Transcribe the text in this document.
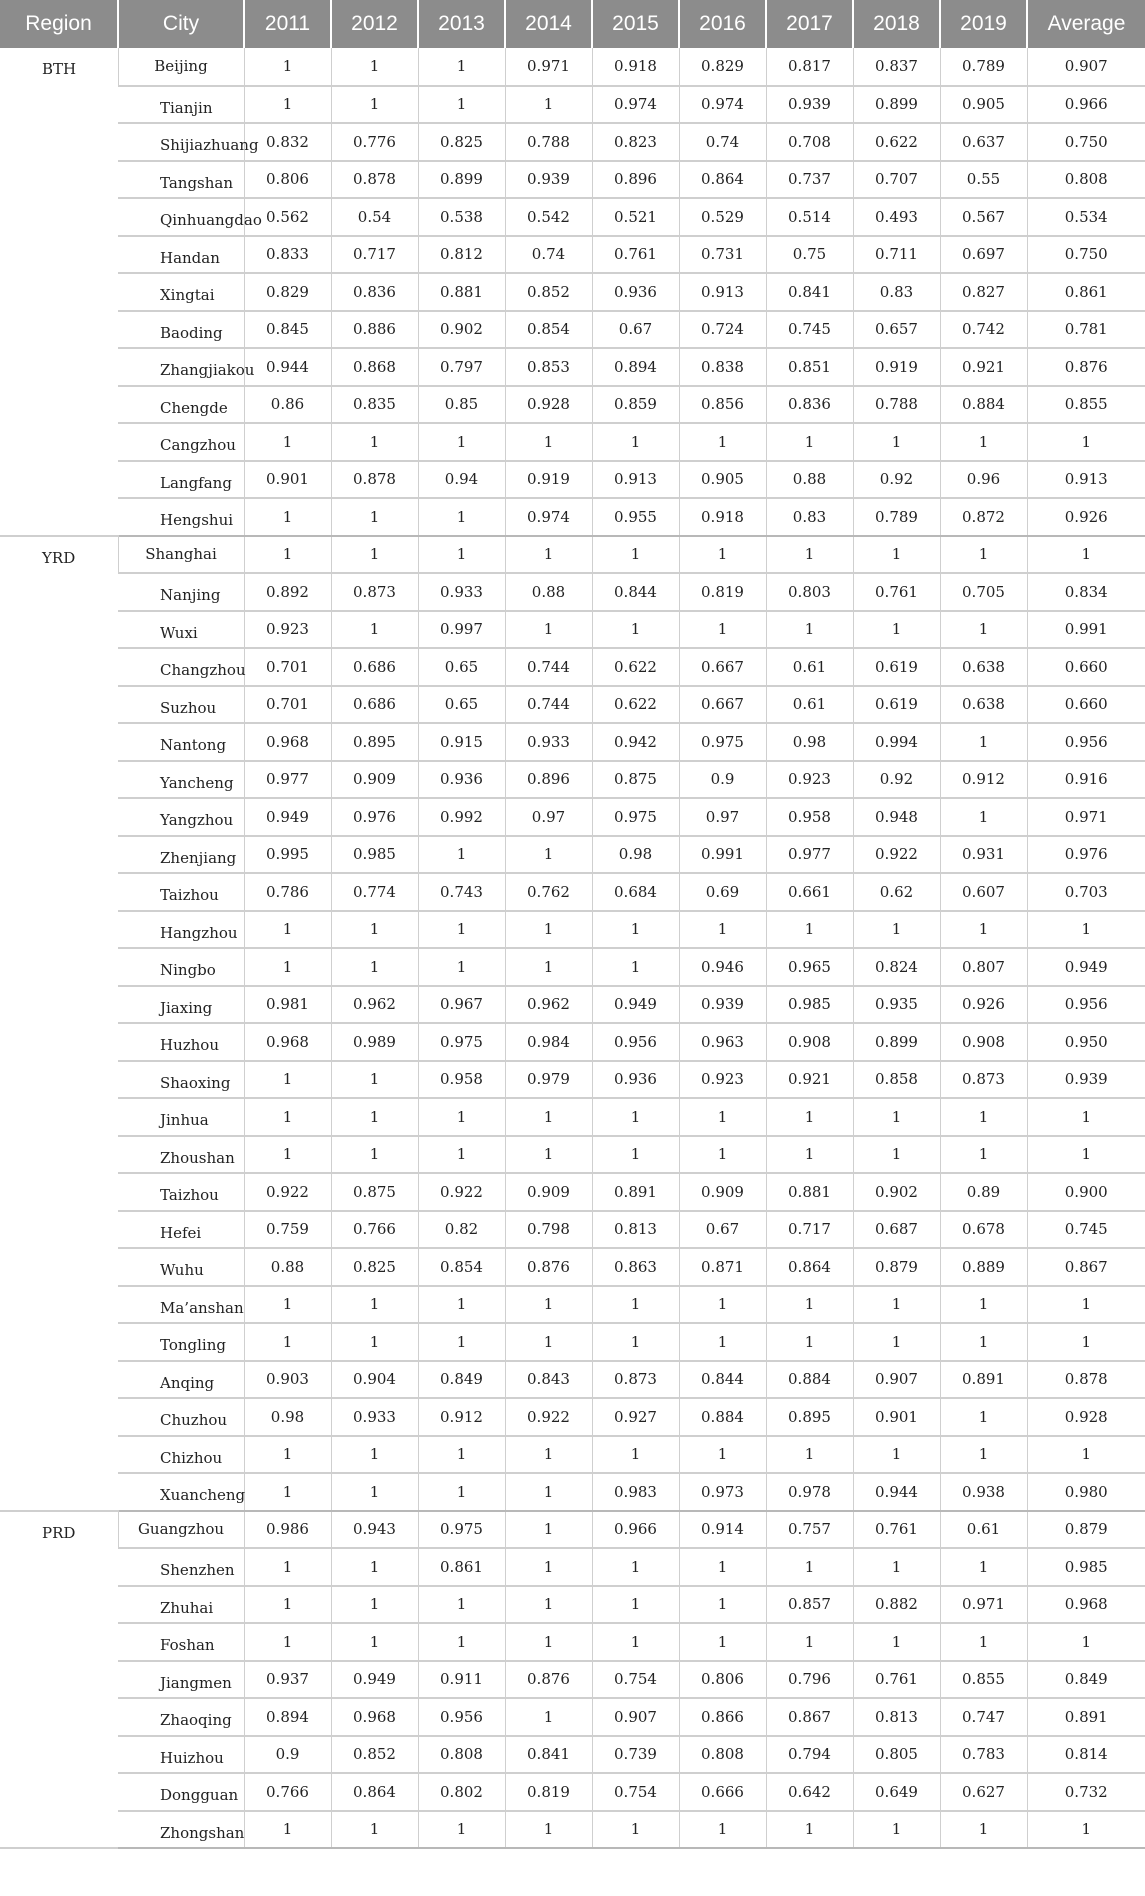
Region	City	2011	2012	2013	2014	2015	2016	2017	2018	2019	Average
BTH	Beijing	1	1	1	0.971	0.918	0.829	0.817	0.837	0.789	0.907
	Tianjin	1	1	1	1	0.974	0.974	0.939	0.899	0.905	0.966
	Shijiazhuang	0.832	0.776	0.825	0.788	0.823	0.74	0.708	0.622	0.637	0.750
	Tangshan	0.806	0.878	0.899	0.939	0.896	0.864	0.737	0.707	0.55	0.808
	Qinhuangdao	0.562	0.54	0.538	0.542	0.521	0.529	0.514	0.493	0.567	0.534
	Handan	0.833	0.717	0.812	0.74	0.761	0.731	0.75	0.711	0.697	0.750
	Xingtai	0.829	0.836	0.881	0.852	0.936	0.913	0.841	0.83	0.827	0.861
	Baoding	0.845	0.886	0.902	0.854	0.67	0.724	0.745	0.657	0.742	0.781
	Zhangjiakou	0.944	0.868	0.797	0.853	0.894	0.838	0.851	0.919	0.921	0.876
	Chengde	0.86	0.835	0.85	0.928	0.859	0.856	0.836	0.788	0.884	0.855
	Cangzhou	1	1	1	1	1	1	1	1	1	1
	Langfang	0.901	0.878	0.94	0.919	0.913	0.905	0.88	0.92	0.96	0.913
	Hengshui	1	1	1	0.974	0.955	0.918	0.83	0.789	0.872	0.926
YRD	Shanghai	1	1	1	1	1	1	1	1	1	1
	Nanjing	0.892	0.873	0.933	0.88	0.844	0.819	0.803	0.761	0.705	0.834
	Wuxi	0.923	1	0.997	1	1	1	1	1	1	0.991
	Changzhou	0.701	0.686	0.65	0.744	0.622	0.667	0.61	0.619	0.638	0.660
	Suzhou	0.701	0.686	0.65	0.744	0.622	0.667	0.61	0.619	0.638	0.660
	Nantong	0.968	0.895	0.915	0.933	0.942	0.975	0.98	0.994	1	0.956
	Yancheng	0.977	0.909	0.936	0.896	0.875	0.9	0.923	0.92	0.912	0.916
	Yangzhou	0.949	0.976	0.992	0.97	0.975	0.97	0.958	0.948	1	0.971
	Zhenjiang	0.995	0.985	1	1	0.98	0.991	0.977	0.922	0.931	0.976
	Taizhou	0.786	0.774	0.743	0.762	0.684	0.69	0.661	0.62	0.607	0.703
	Hangzhou	1	1	1	1	1	1	1	1	1	1
	Ningbo	1	1	1	1	1	0.946	0.965	0.824	0.807	0.949
	Jiaxing	0.981	0.962	0.967	0.962	0.949	0.939	0.985	0.935	0.926	0.956
	Huzhou	0.968	0.989	0.975	0.984	0.956	0.963	0.908	0.899	0.908	0.950
	Shaoxing	1	1	0.958	0.979	0.936	0.923	0.921	0.858	0.873	0.939
	Jinhua	1	1	1	1	1	1	1	1	1	1
	Zhoushan	1	1	1	1	1	1	1	1	1	1
	Taizhou	0.922	0.875	0.922	0.909	0.891	0.909	0.881	0.902	0.89	0.900
	Hefei	0.759	0.766	0.82	0.798	0.813	0.67	0.717	0.687	0.678	0.745
	Wuhu	0.88	0.825	0.854	0.876	0.863	0.871	0.864	0.879	0.889	0.867
	Ma’anshan	1	1	1	1	1	1	1	1	1	1
	Tongling	1	1	1	1	1	1	1	1	1	1
	Anqing	0.903	0.904	0.849	0.843	0.873	0.844	0.884	0.907	0.891	0.878
	Chuzhou	0.98	0.933	0.912	0.922	0.927	0.884	0.895	0.901	1	0.928
	Chizhou	1	1	1	1	1	1	1	1	1	1
	Xuancheng	1	1	1	1	0.983	0.973	0.978	0.944	0.938	0.980
PRD	Guangzhou	0.986	0.943	0.975	1	0.966	0.914	0.757	0.761	0.61	0.879
	Shenzhen	1	1	0.861	1	1	1	1	1	1	0.985
	Zhuhai	1	1	1	1	1	1	0.857	0.882	0.971	0.968
	Foshan	1	1	1	1	1	1	1	1	1	1
	Jiangmen	0.937	0.949	0.911	0.876	0.754	0.806	0.796	0.761	0.855	0.849
	Zhaoqing	0.894	0.968	0.956	1	0.907	0.866	0.867	0.813	0.747	0.891
	Huizhou	0.9	0.852	0.808	0.841	0.739	0.808	0.794	0.805	0.783	0.814
	Dongguan	0.766	0.864	0.802	0.819	0.754	0.666	0.642	0.649	0.627	0.732
	Zhongshan	1	1	1	1	1	1	1	1	1	1
